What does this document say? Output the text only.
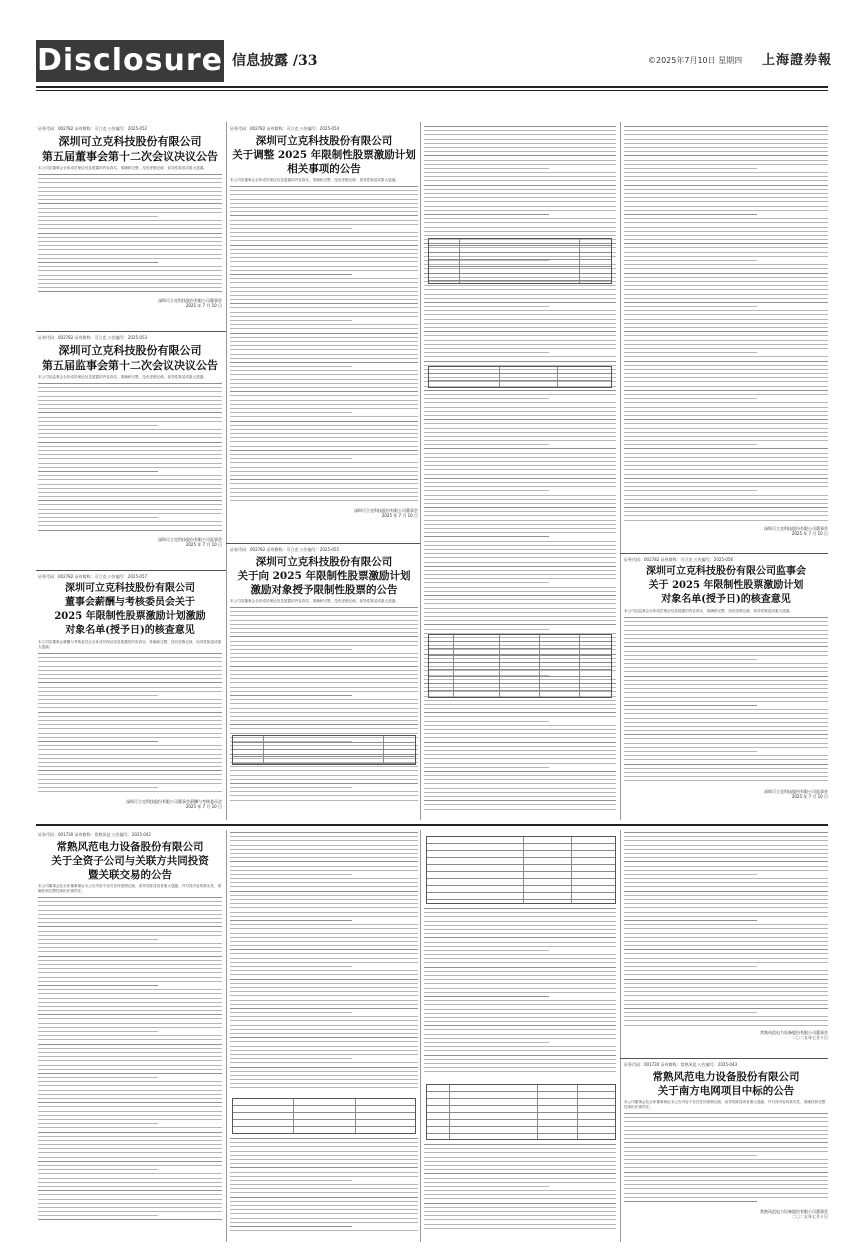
Disclosure 信息披露 /33	©2025年7月10日 星期四 上海證券報
证券代码：002782 证券简称：可立克 公告编号：2025-052
深圳可立克科技股份有限公司
第五届董事会第十二次会议决议公告
本公司及董事会全体成员保证信息披露的内容真实、准确和完整，没有虚假记载、误导性陈述或重大遗漏。
深圳可立克科技股份有限公司董事会
2025 年 7 月 10 日
证券代码：002782 证券简称：可立克 公告编号：2025-053
深圳可立克科技股份有限公司
第五届监事会第十二次会议决议公告
本公司及监事会全体成员保证信息披露的内容真实、准确和完整，没有虚假记载、误导性陈述或重大遗漏。
深圳可立克科技股份有限公司监事会
2025 年 7 月 10 日
证券代码：002782 证券简称：可立克 公告编号：2025-057
深圳可立克科技股份有限公司
董事会薪酬与考核委员会关于
2025 年限制性股票激励计划激励
对象名单(授予日)的核查意见
本公司及董事会薪酬与考核委员会全体成员保证信息披露的内容真实、准确和完整，没有虚假记载、误导性陈述或重大遗漏。
深圳可立克科技股份有限公司董事会薪酬与考核委员会
2025 年 7 月 10 日
证券代码：002782 证券简称：可立克 公告编号：2025-054
深圳可立克科技股份有限公司
关于调整 2025 年限制性股票激励计划
相关事项的公告
本公司及董事会全体成员保证信息披露的内容真实、准确和完整，没有虚假记载、误导性陈述或重大遗漏。
深圳可立克科技股份有限公司董事会
2025 年 7 月 10 日
证券代码：002782 证券简称：可立克 公告编号：2025-055
深圳可立克科技股份有限公司
关于向 2025 年限制性股票激励计划
激励对象授予限制性股票的公告
本公司及董事会全体成员保证信息披露的内容真实、准确和完整，没有虚假记载、误导性陈述或重大遗漏。
深圳可立克科技股份有限公司董事会
2025 年 7 月 10 日
证券代码：002782 证券简称：可立克 公告编号：2025-056
深圳可立克科技股份有限公司监事会
关于 2025 年限制性股票激励计划
对象名单(授予日)的核查意见
本公司及监事会全体成员保证信息披露的内容真实、准确和完整，没有虚假记载、误导性陈述或重大遗漏。
深圳可立克科技股份有限公司监事会
2025 年 7 月 10 日
证券代码：001730 证券简称：常熟风范 公告编号：2025-042
常熟风范电力设备股份有限公司
关于全资子公司与关联方共同投资
暨关联交易的公告
本公司董事会及全体董事保证本公告内容不存在任何虚假记载、误导性陈述或者重大遗漏，并对其内容的真实性、准确性和完整性承担法律责任。
常熟风范电力设备股份有限公司董事会
二〇二五年七月十日
证券代码：001730 证券简称：常熟风范 公告编号：2025-043
常熟风范电力设备股份有限公司
关于南方电网项目中标的公告
本公司董事会及全体董事保证本公告内容不存在任何虚假记载、误导性陈述或者重大遗漏，并对其内容的真实性、准确性和完整性承担法律责任。
常熟风范电力设备股份有限公司董事会
二〇二五年七月十日
